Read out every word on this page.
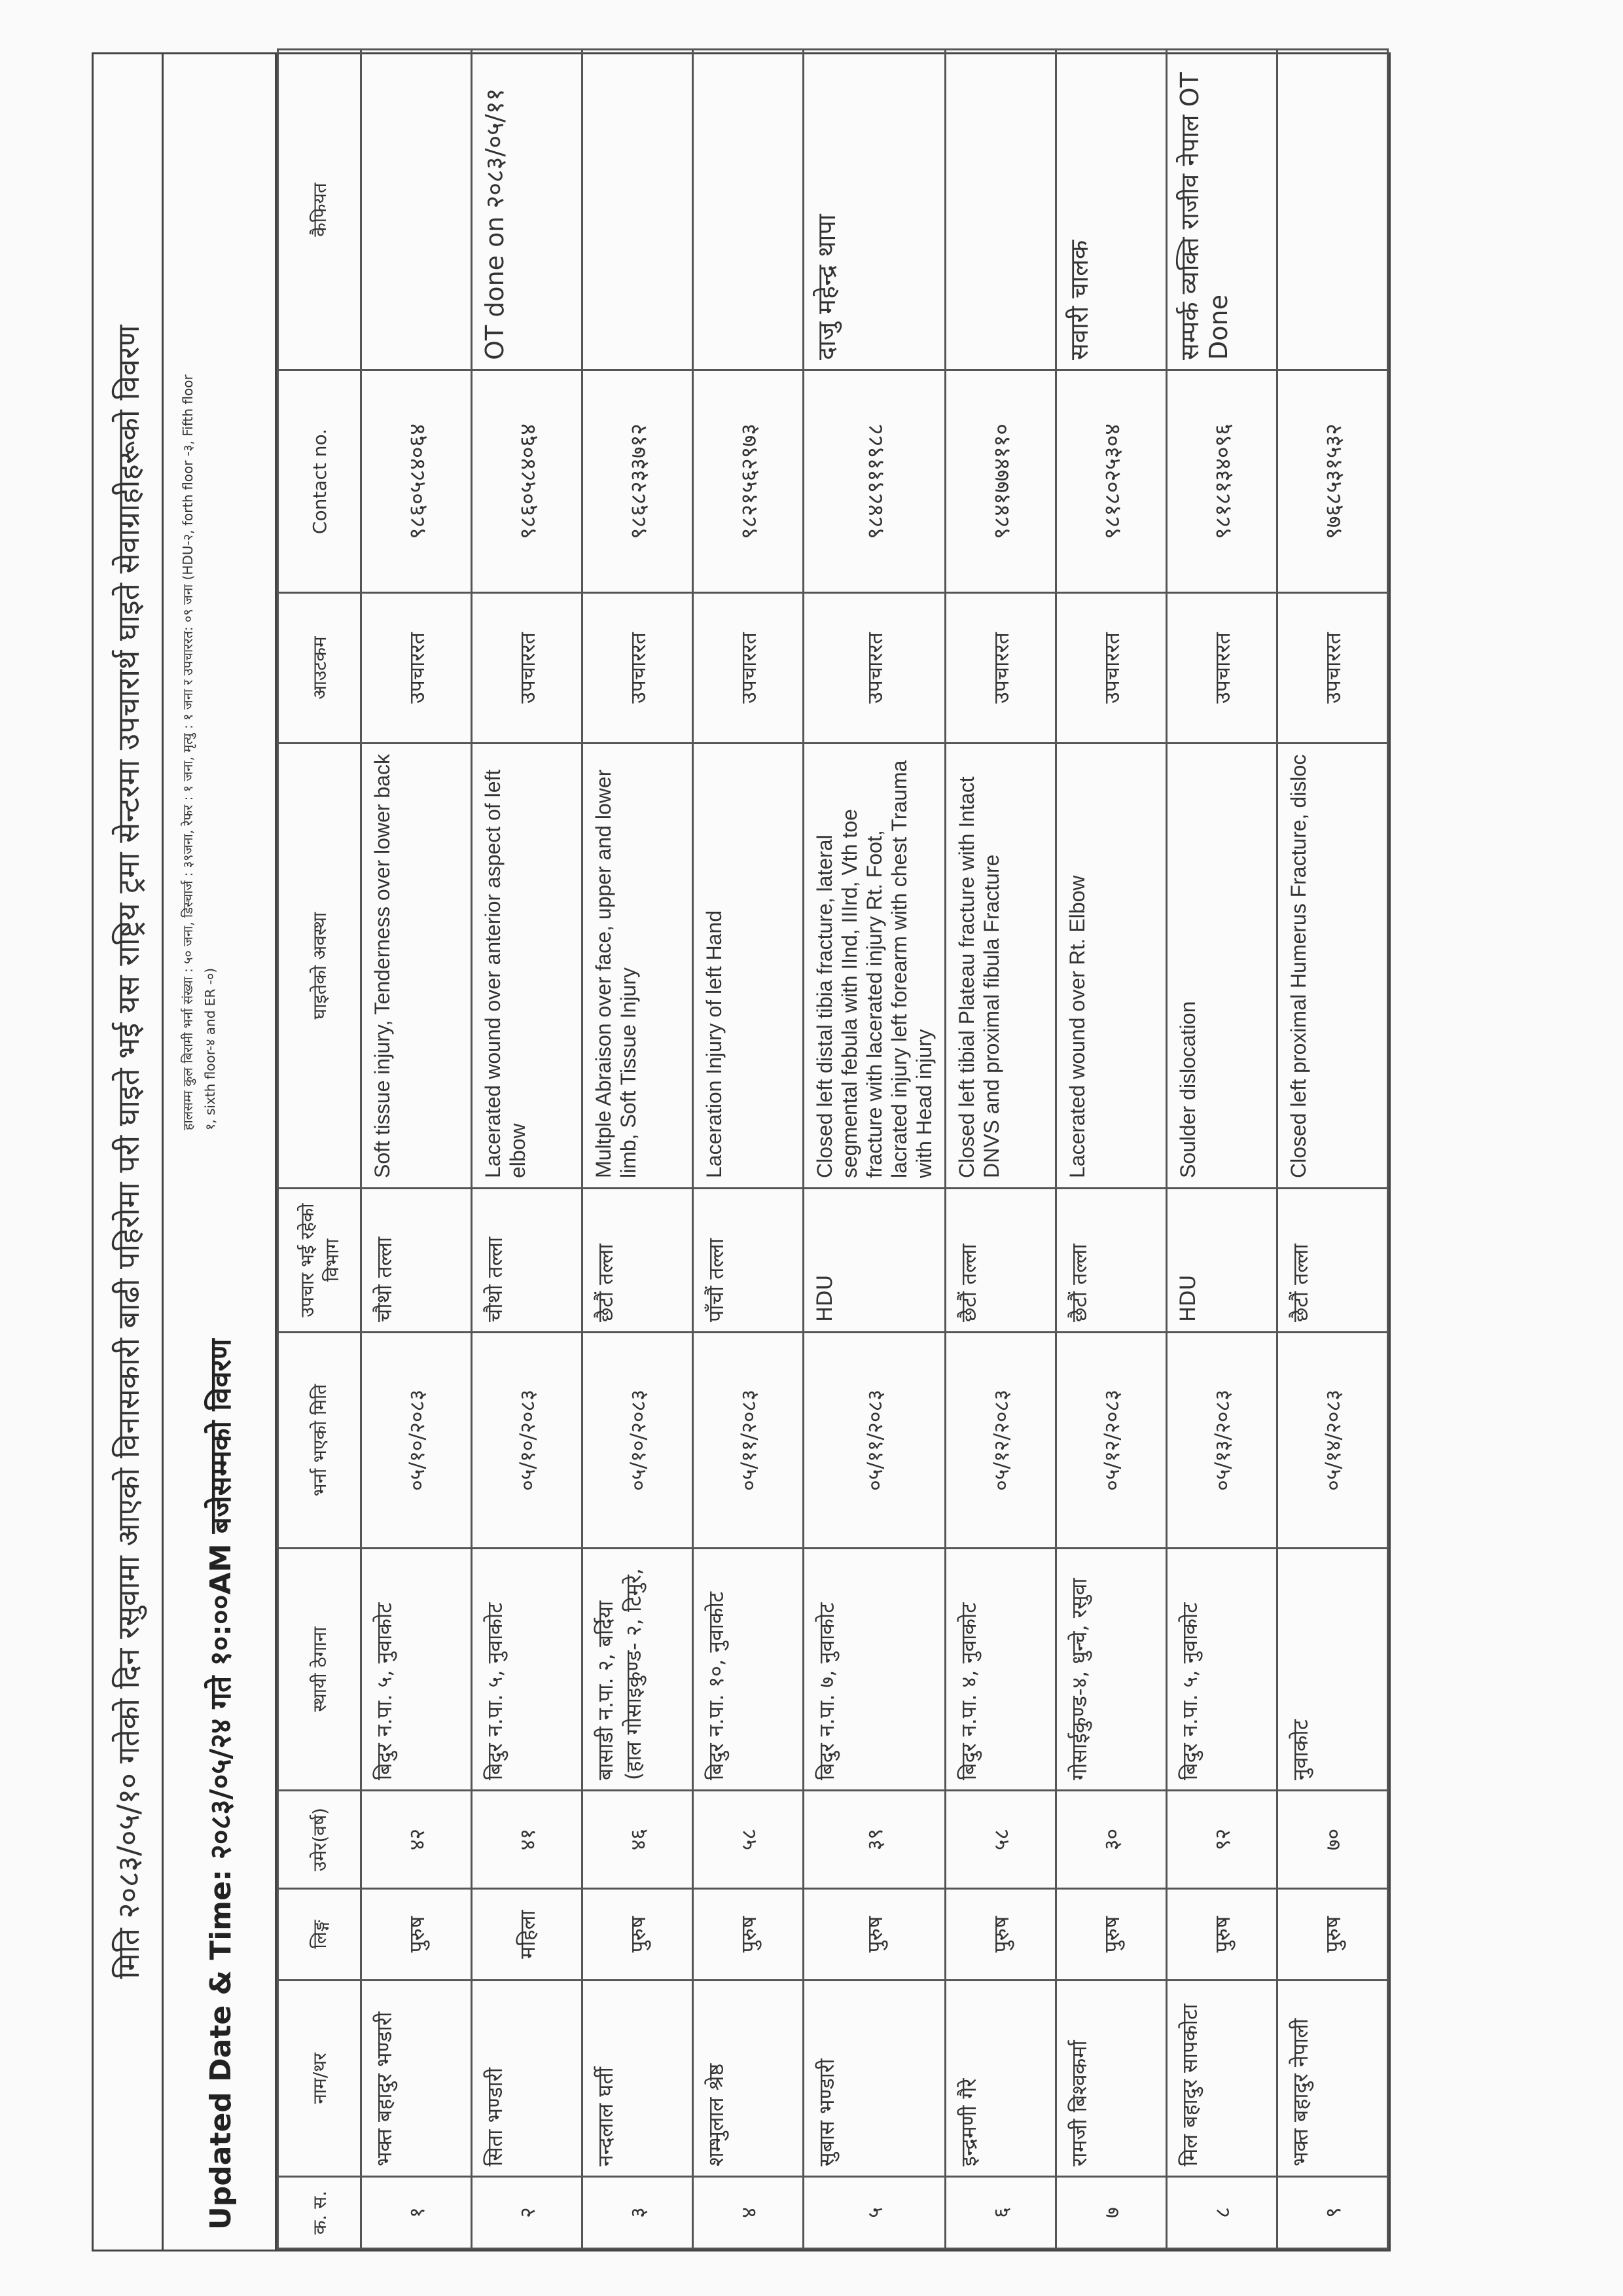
मिति २०८३/०५/१० गतेको दिन रसुवामा आएको विनासकारी बाढी पहिरोमा परी घाइते भई यस राष्ट्रिय ट्रमा सेन्टरमा उपचारार्थ घाइते सेवाग्राहीहरूको विवरण	Updated Date & Time: २०८३/०५/२४ गते १०:००AM बजेसम्मको विवरण
हालसम्म कुल बिरामी भर्ना संख्या : ५० जना, डिस्चार्ज : ३९जना, रेफर : १ जना, मृत्यु : १ जना र उपचाररत: ०९ जना (HDU-२, forth floor -३, Fifth floor १, sixth floor-४ and ER -०)
क. स.	नाम/थर	लिङ्ग	उमेर(वर्ष)	स्थायी ठेगाना	भर्ना भएको मिति	उपचार भई रहेको विभाग	घाइतेको अवस्था	आउटकम	Contact no.	कैफियत
१	भक्त बहादुर भण्डारी	पुरुष	४२	बिदुर न.पा. ५, नुवाकोट	०५/१०/२०८३	चौथो तल्ला	Soft tissue injury, Tenderness over lower back	उपचाररत	९८६०५८४०६४	
२	सिता भण्डारी	महिला	४१	बिदुर न.पा. ५, नुवाकोट	०५/१०/२०८३	चौथो तल्ला	Lacerated wound over anterior aspect of left elbow	उपचाररत	९८६०५८४०६४	OT done on २०८३/०५/११
३	नन्दलाल घर्ती	पुरुष	४६	बासाडी न.पा. २, बर्दिया (हाल गोसाइकुण्ड- २, टिमुरे,	०५/१०/२०८३	छैटौं तल्ला	Multple Abraison over face, upper and lower limb, Soft Tissue Injury	उपचाररत	९८६८२३३७१२	
४	शम्भुलाल श्रेष्ठ	पुरुष	५८	बिदुर न.पा. १०, नुवाकोट	०५/११/२०८३	पाँचौं तल्ला	Laceration Injury of left Hand	उपचाररत	९८२१५६२९७३	
५	सुबास भण्डारी	पुरुष	३९	बिदुर न.पा. ७, नुवाकोट	०५/११/२०८३	HDU	Closed left distal tibia fracture, lateral segmental febula with IInd, IIIrd, Vth toe fracture with lacerated injury Rt. Foot, lacrated injury left forearm with chest Trauma with Head injury	उपचाररत	९८४८९११९८८	दाजु महेन्द्र थापा
६	इन्द्रमणी गैरे	पुरुष	५८	बिदुर न.पा. ४, नुवाकोट	०५/१२/२०८३	छैटौं तल्ला	Closed left tibial Plateau fracture with Intact DNVS and proximal fibula Fracture	उपचाररत	९८४१७७४११०	
७	रामजी बिश्वकर्मा	पुरुष	३०	गोसाईकुण्ड-४, धुन्चे, रसुवा	०५/१२/२०८३	छैटौं तल्ला	Lacerated wound over Rt. Elbow	उपचाररत	९८१८०२५३०४	सवारी चालक
८	मिल बहादुर सापकोटा	पुरुष	९२	बिदुर न.पा. ५, नुवाकोट	०५/१३/२०८३	HDU	Soulder dislocation	उपचाररत	९८१८१३४०९६	सम्पर्क व्यक्ति राजीव नेपाल OT Done
९	भक्त बहादुर नेपाली	पुरुष	७०	नुवाकोट	०५/१४/२०८३	छैटौं तल्ला	Closed left proximal Humerus Fracture, disloc	उपचाररत	९७६८५३१५३२	
